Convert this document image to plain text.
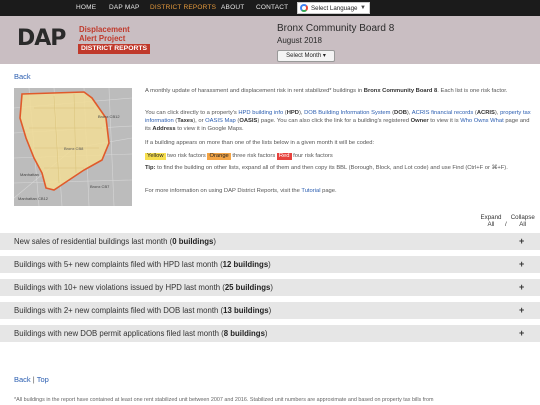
HOME DAP MAP DISTRICT REPORTS ABOUT CONTACT	Select Language ▼
DAP Displacement
Alert Project
DISTRICT REPORTS
Bronx Community Board 8
August 2018
Select Month ▾
Back
Bronx CB8
Manhattan CB12
Bronx CB7
Bronx CB12
Manhattan
A monthly update of harassment and displacement risk in rent stabilized* buildings in Bronx Community Board 8. Each list is one risk factor.
You can click directly to a property's HPD building info (HPD), DOB Building Information System (DOB), ACRIS financial records (ACRIS), property tax information (Taxes), or OASIS Map (OASIS) page. You can also click the link for a building's registered Owner to view it is Who Owns What page and its Address to view it in Google Maps.
If a building appears on more than one of the lists below in a given month it will be coded:
Yellow two risk factors Orange three risk factors Red four risk factors
Tip: to find the building on other lists, expand all of them and then copy its BBL (Borough, Block, and Lot code) and use Find (Ctrl+F or ⌘+F).
For more information on using DAP District Reports, visit the Tutorial page.
Expand All /Collapse All
New sales of residential buildings last month (0 buildings)	+
Buildings with 5+ new complaints filed with HPD last month (12 buildings)	+
Buildings with 10+ new violations issued by HPD last month (25 buildings)	+
Buildings with 2+ new complaints filed with DOB last month (13 buildings)	+
Buildings with new DOB permit applications filed last month (8 buildings)	+
Back | Top
*All buildings in the report have contained at least one rent stabilized unit between 2007 and 2016. Stabilized unit numbers are approximate and based on property tax bills from
